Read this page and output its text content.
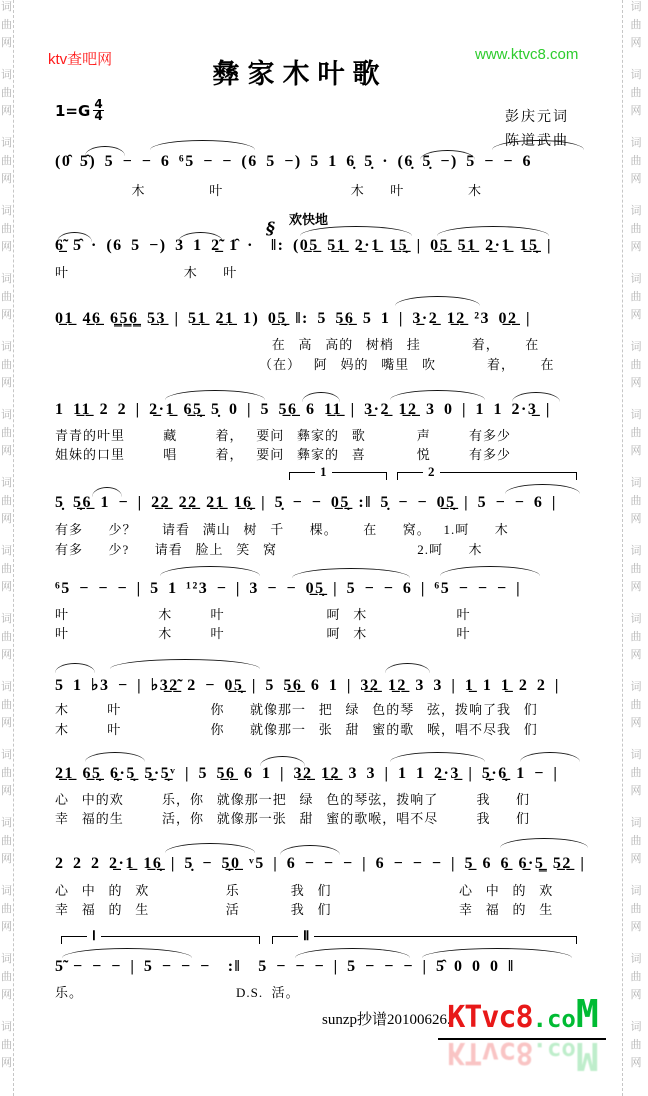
词
曲
网
词
曲
网
词
曲
网
词
曲
网
词
曲
网
词
曲
网
词
曲
网
词
曲
网
词
曲
网
词
曲
网
词
曲
网
词
曲
网
词
曲
网
词
曲
网
词
曲
网
词
曲
网
词
曲
网
词
曲
网
词
曲
网
词
曲
网
词
曲
网
词
曲
网
词
曲
网
词
曲
网
词
曲
网
词
曲
网
词
曲
网
词
曲
网
词
曲
网
词
曲
网
词
曲
网
词
曲
网
ktv查吧网	彝家木叶歌
www.ktvc8.com
$1=G \frac{4}{4}$	彭庆元词
陈道武曲
欢快地
§
(0̑ 5̑) 5 − − 6 ⁶5 − − (6 5 −) 5 1 6̣ 5̣ · (6̣ 5̣ −) 5 − − 6
木               叶                              木      叶               木
6̲̃ 5̑ · (6 5 −) 3 1 2̲̃ 1̑ ·  ‖: (0̲5̲ 5̲1̲ 2̲·1̲ 1̲5̲̣ | 0̲5̲ 5̲1̲ 2̲·1̲ 1̲5̲̣ |
叶                           木      叶
0̲1̲ 4̲6̲ 6̳5̳6̳ 5̲3̲ | 5̲1̲ 2̲1̲ 1) 0̲5̲̣ ‖: 5 5̲6̲ 5 1 | 3̲·2̲ 1̲2̲ ²3 0̲2̲ |
在   高   高的   树梢   挂            着，      在
（在）   阿   妈的   嘴里   吹            着，      在
1 1̲1̲ 2 2 | 2̲·1̲ 6̲5̲̣ 5̣ 0 | 5 5̲6̲ 6 1̲1̲ | 3̲·2̲ 1̲2̲ 3 0 | 1 1 2·3̲ |
青青的叶里         藏         着，   要问   彝家的   歌            声         有多少
姐妹的口里         唱         着，   要问   彝家的   喜            悦         有多少
1	2
5̣ 5̲̣6̲ 1 − | 2̲2̲ 2̲2̲ 2̲1̲ 1̲6̲̣ | 5̣ − − 0̲5̲̣ :‖ 5̣ − − 0̲5̲̣ | 5 − − 6 |
有多      少？      请看   满山   树   千      棵。      在      窝。   1.呵      木
有多      少?      请看   脸上   笑   窝                                 2.呵      木
⁶5 − − − | 5 1 ¹²3 − | 3 − − 0̲5̲̣ | 5 − − 6 | ⁶5 − − − |
叶                     木         叶                        呵   木                     叶
叶                     木         叶                        呵   木                     叶
5 1 ♭3 − | ♭3̲2̲̃ 2 − 0̲5̲̣ | 5 5̲6̲ 6 1 | 3̲2̲ 1̲2̲ 3 3 | 1̲ 1 1̲ 2 2 |
木         叶                     你      就像那一   把   绿   色的琴   弦，拨响了我   们
木         叶                     你      就像那一   张   甜   蜜的歌   喉，唱不尽我   们
2̲1̲ 6̲5̲̣ 6̲̣·5̲̣ 5̲̣·5̲̣ᵛ | 5 5̲6̲ 6 1 | 3̲2̲ 1̲2̲ 3 3 | 1 1 2̲·3̲ | 5̲̣·6̲̣ 1 − |
心   中的欢         乐，你   就像那一把   绿   色的琴弦，拨响了         我      们
幸   福的生         活，你   就像那一张   甜   蜜的歌喉，唱不尽         我      们
2 2 2 2̲·1̲ 1̲6̲̣ | 5̣ − 5̲̣0̲ ᵛ5 | 6 − − − | 6 − − − | 5̲ 6 6̲ 6̲·5̳ 5̲2̲ |
心   中   的   欢                  乐            我   们                              心   中   的   欢
幸   福   的   生                  活            我   们                              幸   福   的   生
Ⅰ	Ⅱ
5̃ − − − | 5 − − −  :‖  5 − − − | 5 − − − | 5̑ 0 0 0 ‖
乐。                                    D.S.  活。
sunzp抄谱20100626.
KTvc8.coM
KTvc8.coM
